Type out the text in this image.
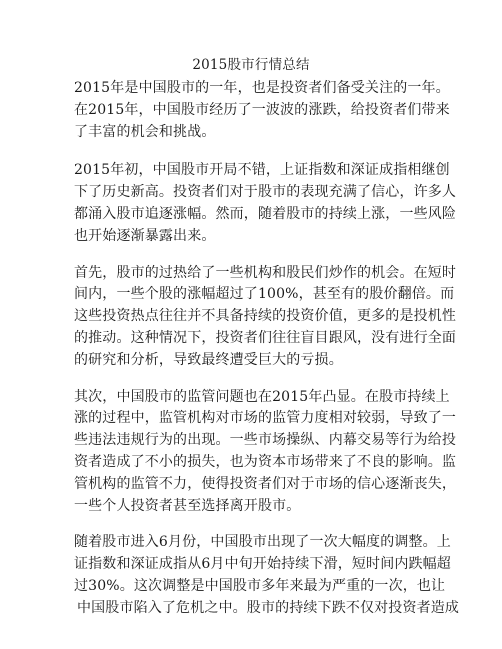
2015股市行情总结
2015年是中国股市的一年，也是投资者们备受关注的一年。
在2015年，中国股市经历了一波波的涨跌，给投资者们带来
了丰富的机会和挑战。
2015年初，中国股市开局不错，上证指数和深证成指相继创
下了历史新高。投资者们对于股市的表现充满了信心，许多人
都涌入股市追逐涨幅。然而，随着股市的持续上涨，一些风险
也开始逐渐暴露出来。
首先，股市的过热给了一些机构和股民们炒作的机会。在短时
间内，一些个股的涨幅超过了100%，甚至有的股价翻倍。而
这些投资热点往往并不具备持续的投资价值，更多的是投机性
的推动。这种情况下，投资者们往往盲目跟风，没有进行全面
的研究和分析，导致最终遭受巨大的亏损。
其次，中国股市的监管问题也在2015年凸显。在股市持续上
涨的过程中，监管机构对市场的监管力度相对较弱，导致了一
些违法违规行为的出现。一些市场操纵、内幕交易等行为给投
资者造成了不小的损失，也为资本市场带来了不良的影响。监
管机构的监管不力，使得投资者们对于市场的信心逐渐丧失，
一些个人投资者甚至选择离开股市。
随着股市进入6月份，中国股市出现了一次大幅度的调整。上
证指数和深证成指从6月中旬开始持续下滑，短时间内跌幅超
过30%。这次调整是中国股市多年来最为严重的一次，也让
中国股市陷入了危机之中。股市的持续下跌不仅对投资者造成
